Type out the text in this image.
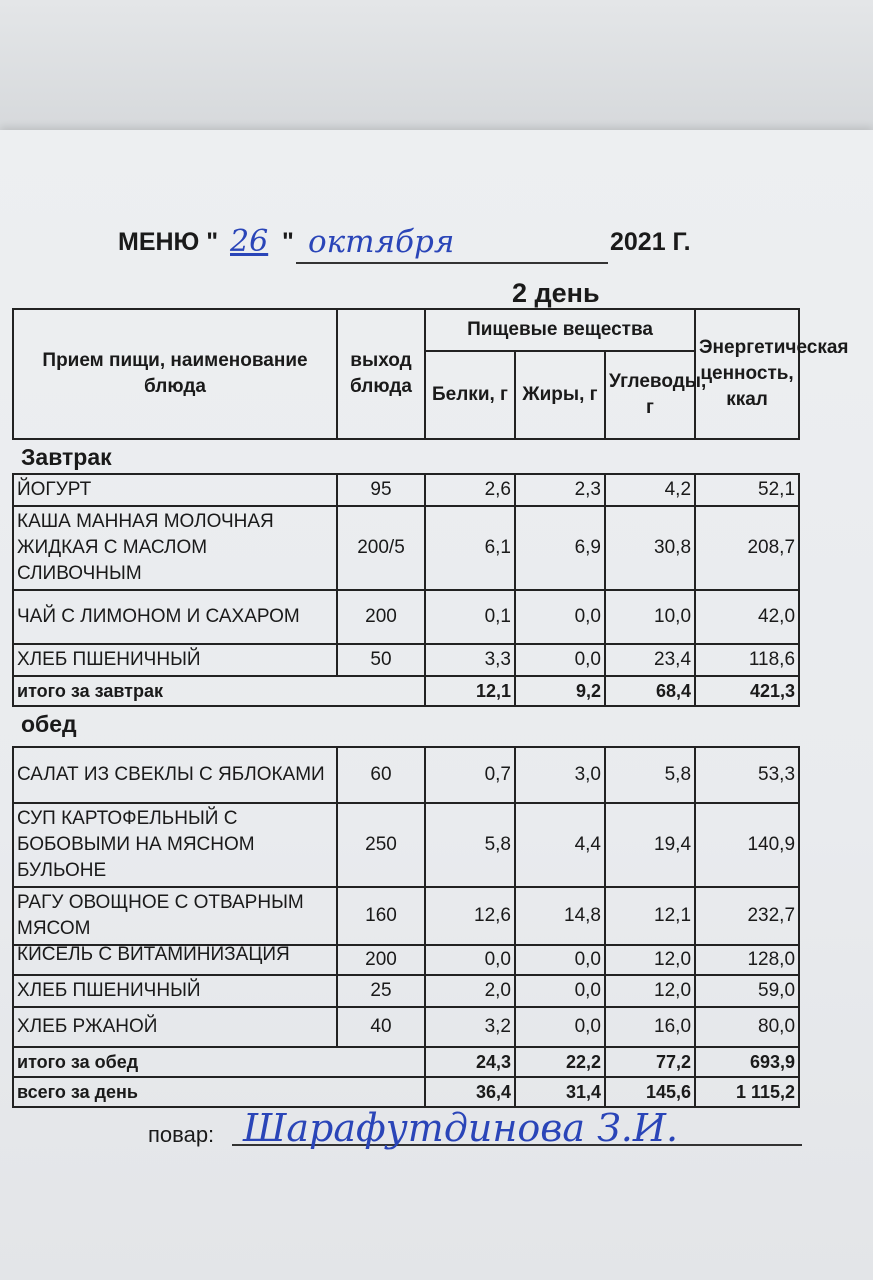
МЕНЮ " 26 " октября	2021 Г.
2 день
Прием пищи, наименование блюда	выход блюда	Пищевые вещества			Энергетическая ценность, ккал
		Белки, г	Жиры, г	Углеводы, г	
Завтрак					
ЙОГУРТ	95	2,6	2,3	4,2	52,1
КАША МАННАЯ МОЛОЧНАЯ ЖИДКАЯ С МАСЛОМ СЛИВОЧНЫМ	200/5	6,1	6,9	30,8	208,7
ЧАЙ С ЛИМОНОМ И САХАРОМ	200	0,1	0,0	10,0	42,0
ХЛЕБ ПШЕНИЧНЫЙ	50	3,3	0,0	23,4	118,6
итого за завтрак		12,1	9,2	68,4	421,3
обед					
САЛАТ ИЗ СВЕКЛЫ С ЯБЛОКАМИ	60	0,7	3,0	5,8	53,3
СУП КАРТОФЕЛЬНЫЙ С БОБОВЫМИ НА МЯСНОМ БУЛЬОНЕ	250	5,8	4,4	19,4	140,9
РАГУ ОВОЩНОЕ С ОТВАРНЫМ МЯСОМ	160	12,6	14,8	12,1	232,7

КИСЕЛЬ С ВИТАМИНИЗАЦИЯ	200	0,0	0,0	12,0	128,0
ХЛЕБ ПШЕНИЧНЫЙ	25	2,0	0,0	12,0	59,0
ХЛЕБ РЖАНОЙ	40	3,2	0,0	16,0	80,0
итого за обед		24,3	22,2	77,2	693,9
всего за день		36,4	31,4	145,6	1 115,2
повар: Шарафутдинова З.И.
